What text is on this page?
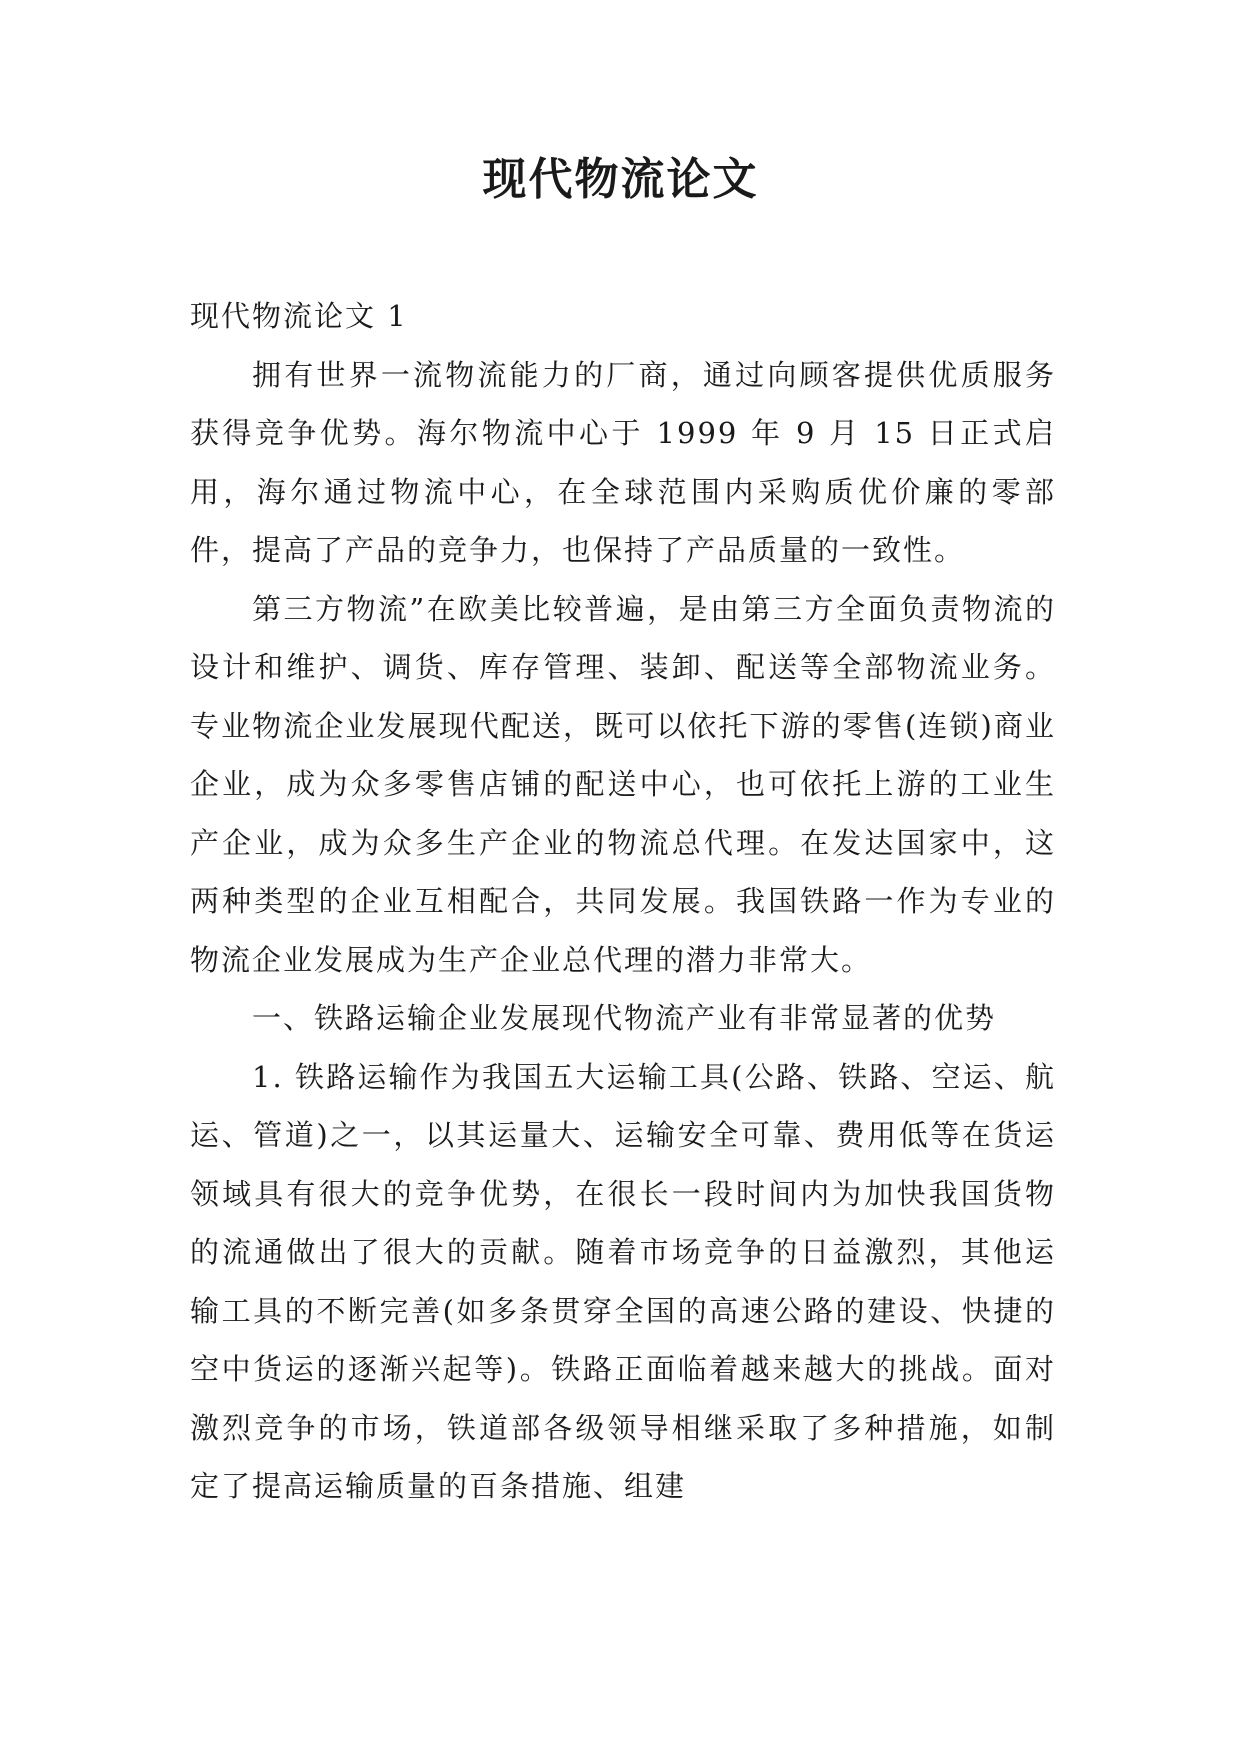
现代物流论文

现代物流论文 1

拥有世界一流物流能力的厂商，通过向顾客提供优质服务获得竞争优势。海尔物流中心于 1999 年 9 月 15 日正式启用，海尔通过物流中心，在全球范围内采购质优价廉的零部件，提高了产品的竞争力，也保持了产品质量的一致性。

第三方物流”在欧美比较普遍，是由第三方全面负责物流的设计和维护、调货、库存管理、装卸、配送等全部物流业务。专业物流企业发展现代配送，既可以依托下游的零售(连锁)商业企业，成为众多零售店铺的配送中心，也可依托上游的工业生产企业，成为众多生产企业的物流总代理。在发达国家中，这两种类型的企业互相配合，共同发展。我国铁路一作为专业的物流企业发展成为生产企业总代理的潜力非常大。

一、铁路运输企业发展现代物流产业有非常显著的优势

1. 铁路运输作为我国五大运输工具(公路、铁路、空运、航运、管道)之一，以其运量大、运输安全可靠、费用低等在货运领域具有很大的竞争优势，在很长一段时间内为加快我国货物的流通做出了很大的贡献。随着市场竞争的日益激烈，其他运输工具的不断完善(如多条贯穿全国的高速公路的建设、快捷的空中货运的逐渐兴起等)。铁路正面临着越来越大的挑战。面对激烈竞争的市场，铁道部各级领导相继采取了多种措施，如制定了提高运输质量的百条措施、组建
